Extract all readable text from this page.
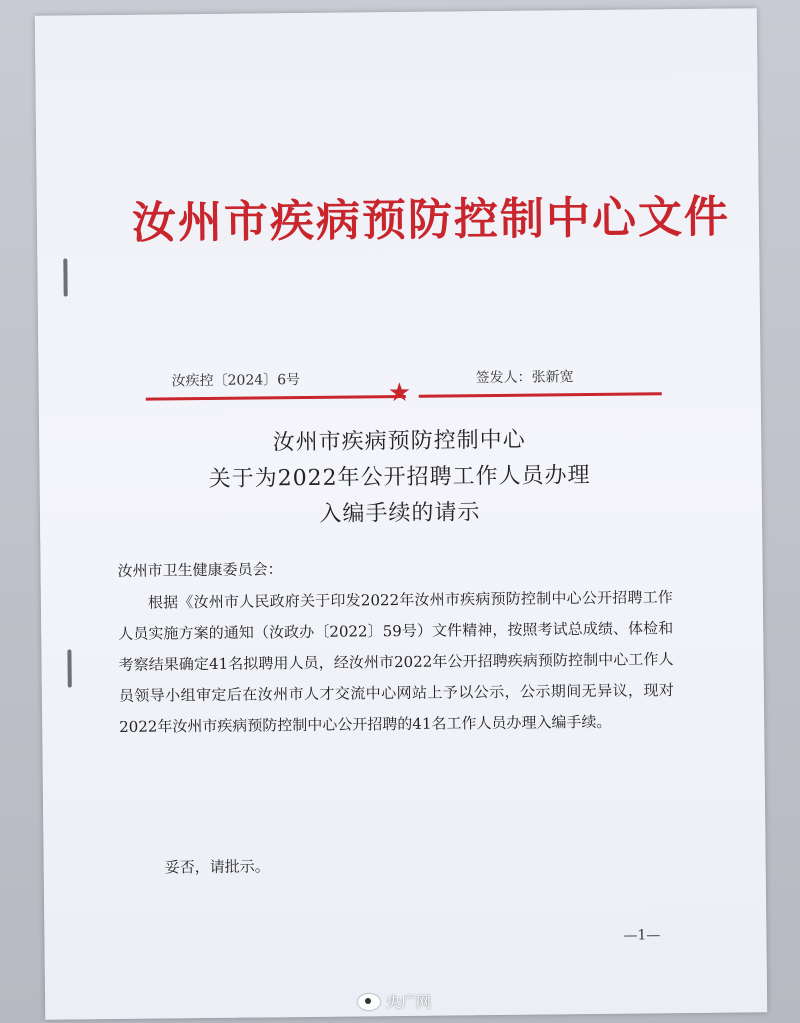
汝州市疾病预防控制中心文件
汝疾控〔2024〕6号	签发人：张新宽
★
汝州市疾病预防控制中心
关于为2022年公开招聘工作人员办理
入编手续的请示
汝州市卫生健康委员会：
根据《汝州市人民政府关于印发2022年汝州市疾病预防控制中心公开招聘工作人员实施方案的通知（汝政办〔2022〕59号）文件精神，按照考试总成绩、体检和考察结果确定41名拟聘用人员，经汝州市2022年公开招聘疾病预防控制中心工作人员领导小组审定后在汝州市人才交流中心网站上予以公示，公示期间无异议，现对2022年汝州市疾病预防控制中心公开招聘的41名工作人员办理入编手续。
妥否，请批示。
—1—
央广网
